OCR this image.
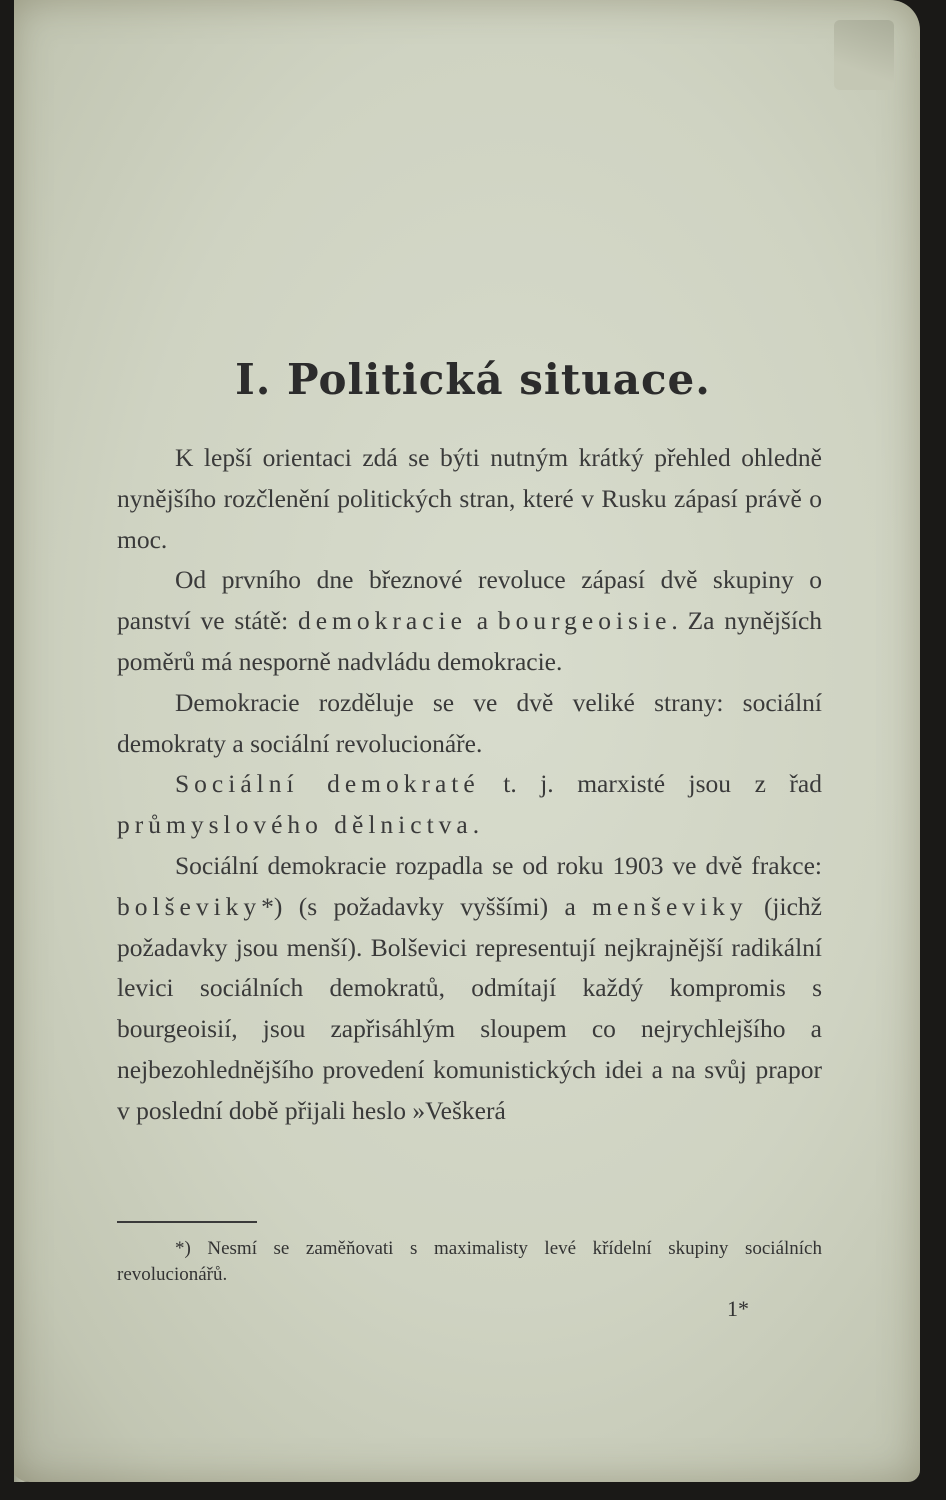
I. Politická situace.

K lepší orientaci zdá se býti nutným krátký přehled ohledně nynějšího rozčlenění politických stran, které v Rusku zápasí právě o moc.

Od prvního dne březnové revoluce zápasí dvě skupiny o panství ve státě: demokracie a bourgeoisie. Za nynějších poměrů má nesporně nadvládu demokracie.

Demokracie rozděluje se ve dvě veliké strany: sociální demokraty a sociální revolucionáře.

Sociální demokraté t. j. marxisté jsou z řad průmyslového dělnictva.

Sociální demokracie rozpadla se od roku 1903 ve dvě frakce: bolševiky*) (s požadavky vyššími) a menševiky (jichž požadavky jsou menší). Bolševici representují nejkrajnější radikální levici sociálních demokratů, odmítají každý kompromis s bourgeoisií, jsou zapřisáhlým sloupem co nejrychlejšího a nejbezohlednějšího provedení komunistických idei a na svůj prapor v poslední době přijali heslo »Veškerá

*) Nesmí se zaměňovati s maximalisty levé křídelní skupiny sociálních revolucionářů.

1*
